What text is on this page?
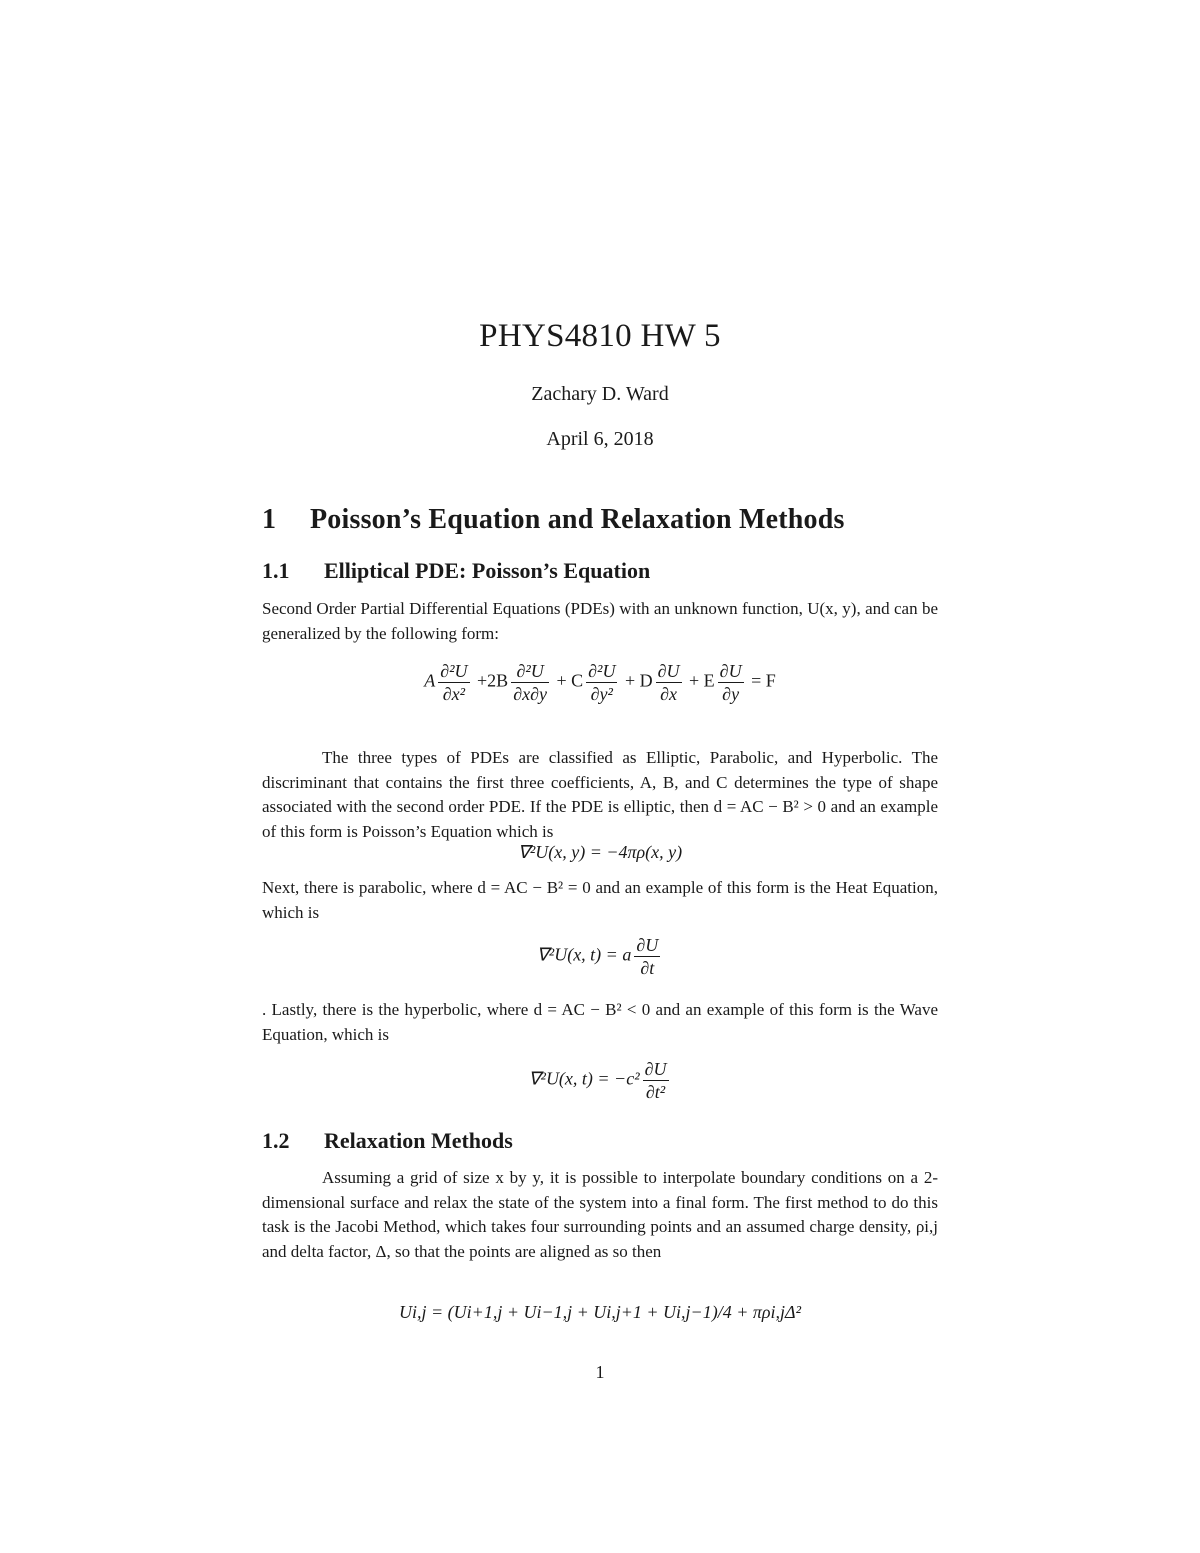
PHYS4810 HW 5
Zachary D. Ward
April 6, 2018
1 Poisson’s Equation and Relaxation Methods
1.1 Elliptical PDE: Poisson’s Equation
Second Order Partial Differential Equations (PDEs) with an unknown function, U(x, y), and can be generalized by the following form:
A $\frac{\text{∂²U}}{\text{∂x²}} +2B \frac{\text{∂²U}}{\partial x\partial y} + C \frac{\text{∂²U}}{\text{∂y²}} + D \frac{\partial U}{\partial x} + E \frac{\partial U}{\partial y} = F$
The three types of PDEs are classified as Elliptic, Parabolic, and Hyperbolic. The discriminant that contains the first three coefficients, A, B, and C determines the type of shape associated with the second order PDE. If the PDE is elliptic, then d = AC − B² > 0 and an example of this form is Poisson’s Equation which is
∇²U(x, y) = −4πρ(x, y)
Next, there is parabolic, where d = AC − B² = 0 and an example of this form is the Heat Equation, which is
∇²U(x, t) = a $\frac{\partial U}{\partial t}$
. Lastly, there is the hyperbolic, where d = AC − B² < 0 and an example of this form is the Wave Equation, which is
∇²U(x, $t) = -c^2 \frac{\partial U}{\text{∂t²}}$
1.2 Relaxation Methods
Assuming a grid of size x by y, it is possible to interpolate boundary conditions on a 2-dimensional surface and relax the state of the system into a final form. The first method to do this task is the Jacobi Method, which takes four surrounding points and an assumed charge density, ρi,j and delta factor, Δ, so that the points are aligned as so then
Ui,j = (Ui+1,j + Ui−1,j + Ui,j+1 + Ui,j−1)/4 + πρi,jΔ²
1
